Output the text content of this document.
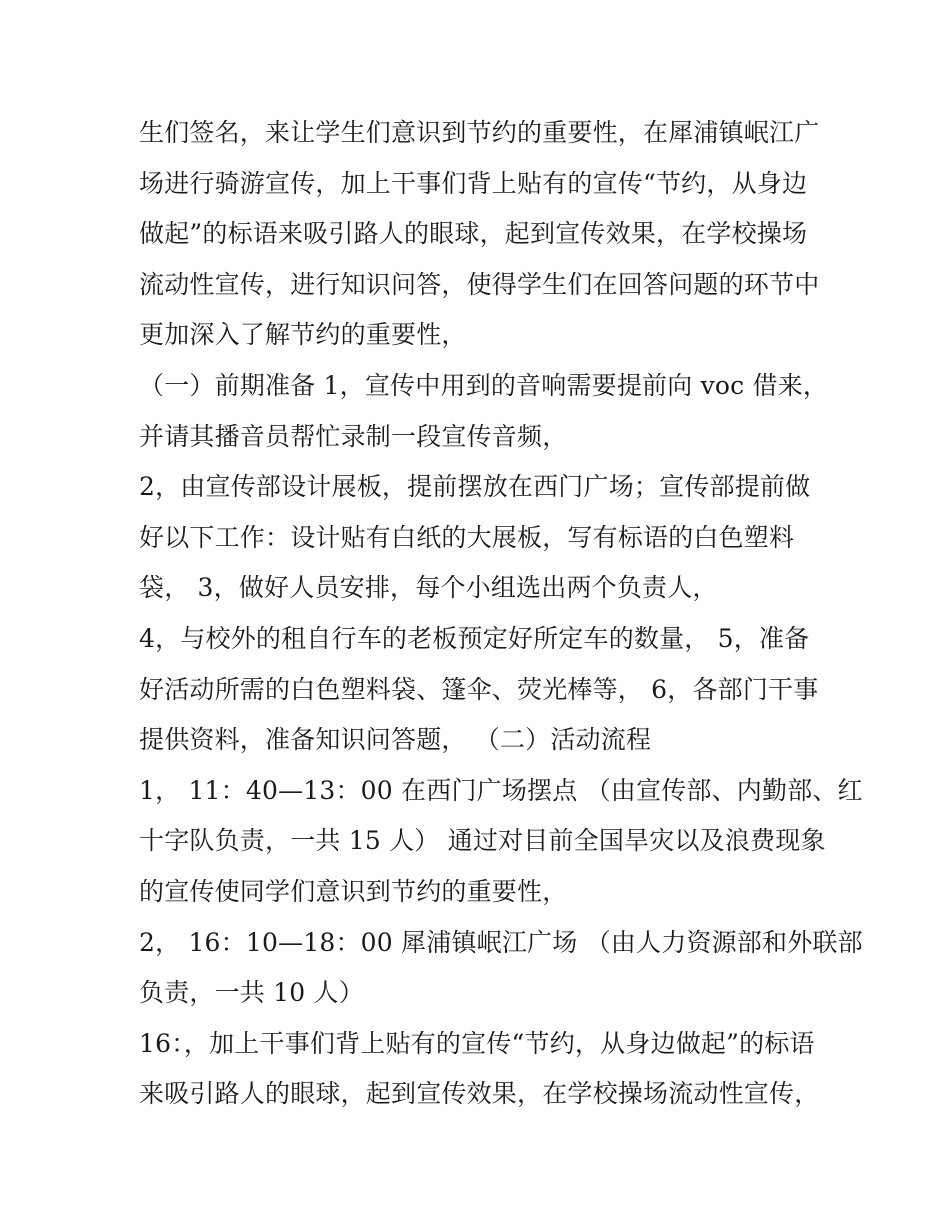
生们签名，来让学生们意识到节约的重要性，在犀浦镇岷江广
场进行骑游宣传，加上干事们背上贴有的宣传“节约，从身边
做起”的标语来吸引路人的眼球，起到宣传效果，在学校操场
流动性宣传，进行知识问答，使得学生们在回答问题的环节中
更加深入了解节约的重要性，
（一）前期准备 1，宣传中用到的音响需要提前向 voc 借来，
并请其播音员帮忙录制一段宣传音频，
2，由宣传部设计展板，提前摆放在西门广场；宣传部提前做
好以下工作：设计贴有白纸的大展板，写有标语的白色塑料
袋， 3，做好人员安排，每个小组选出两个负责人，
4，与校外的租自行车的老板预定好所定车的数量， 5，准备
好活动所需的白色塑料袋、篷伞、荧光棒等， 6，各部门干事
提供资料，准备知识问答题， （二）活动流程
1， 11：40—13：00 在西门广场摆点 （由宣传部、内勤部、红
十字队负责，一共 15 人） 通过对目前全国旱灾以及浪费现象
的宣传使同学们意识到节约的重要性，
2， 16：10—18：00 犀浦镇岷江广场 （由人力资源部和外联部
负责，一共 10 人）
16：，加上干事们背上贴有的宣传“节约，从身边做起”的标语
来吸引路人的眼球，起到宣传效果，在学校操场流动性宣传，
